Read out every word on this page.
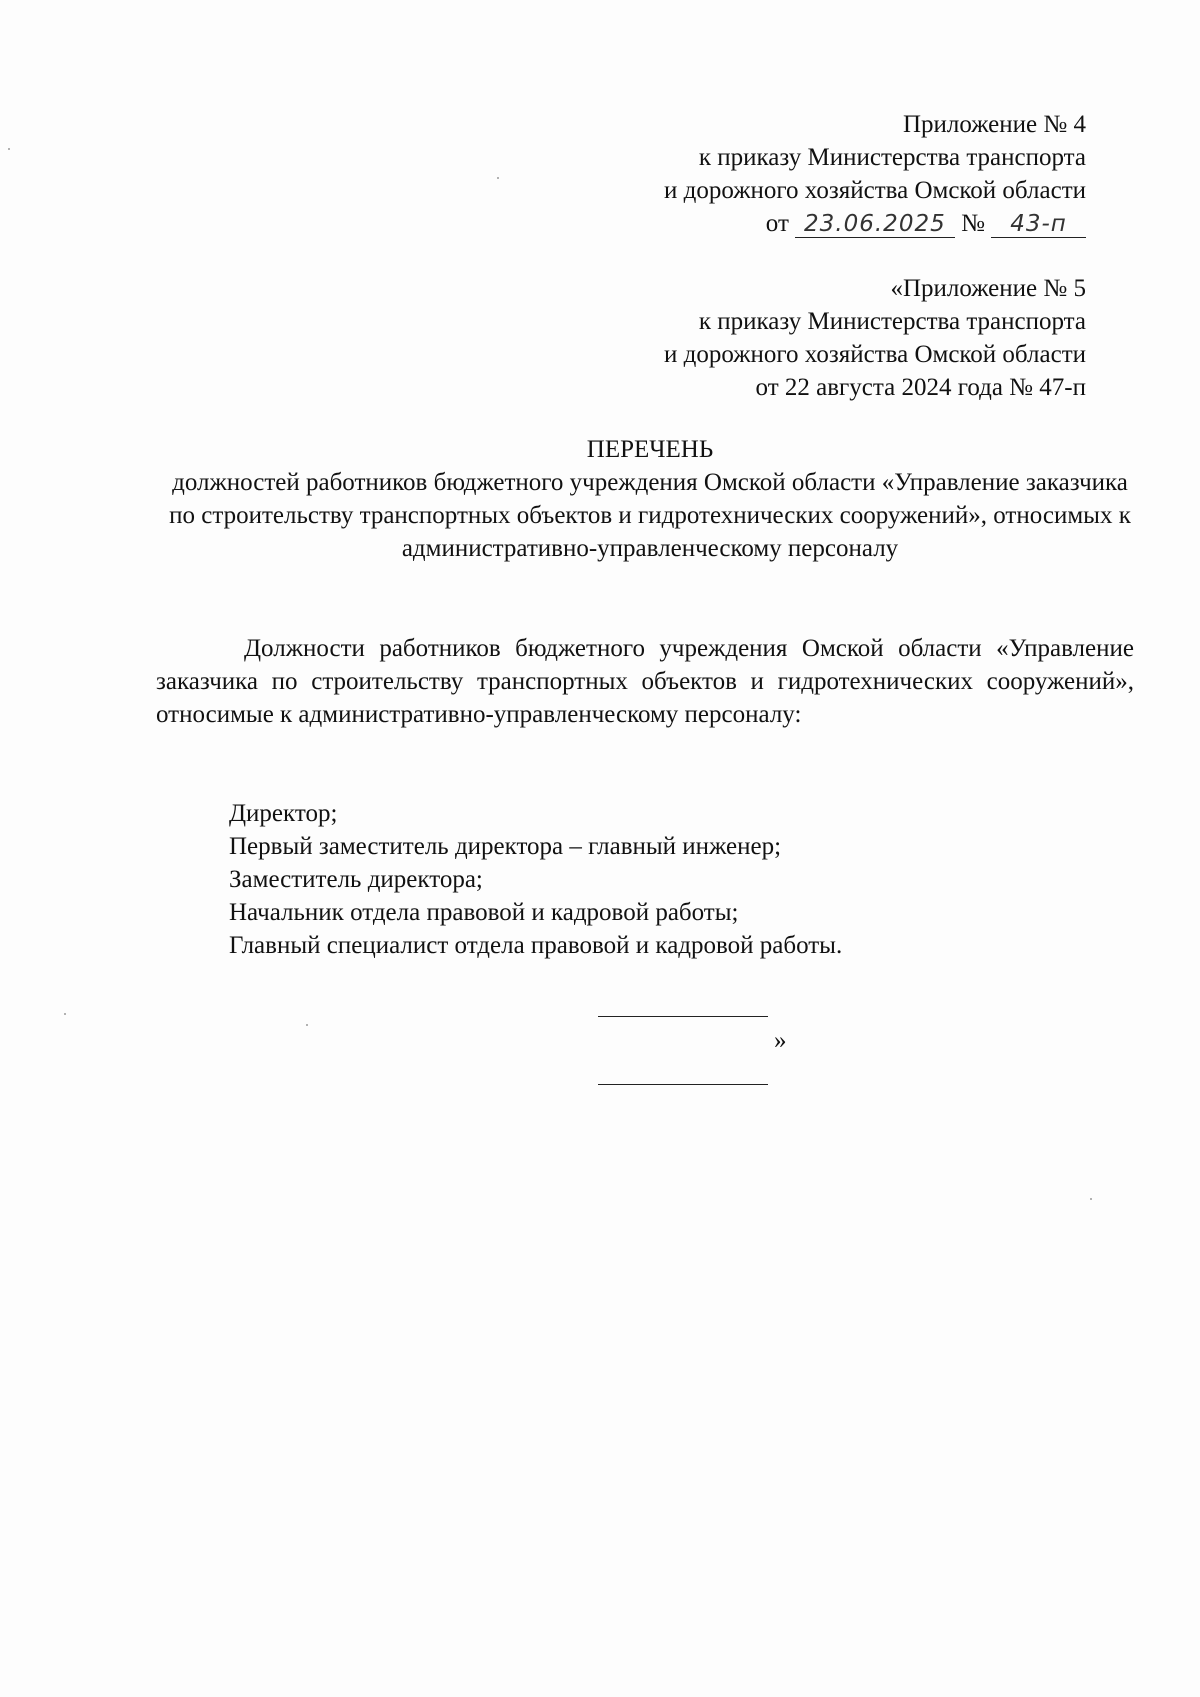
Приложение № 4
к приказу Министерства транспорта
и дорожного хозяйства Омской области
от 23.06.2025 № 43-п
«Приложение № 5
к приказу Министерства транспорта
и дорожного хозяйства Омской области
от 22 августа 2024 года № 47-п
ПЕРЕЧЕНЬ
должностей работников бюджетного учреждения Омской области «Управление заказчика по строительству транспортных объектов и гидротехнических сооружений», относимых к административно-управленческому персоналу
Должности работников бюджетного учреждения Омской области «Управление заказчика по строительству транспортных объектов и гидротехнических сооружений», относимые к административно-управленческому персоналу:
Директор;
Первый заместитель директора – главный инженер;
Заместитель директора;
Начальник отдела правовой и кадровой работы;
Главный специалист отдела правовой и кадровой работы.
»
